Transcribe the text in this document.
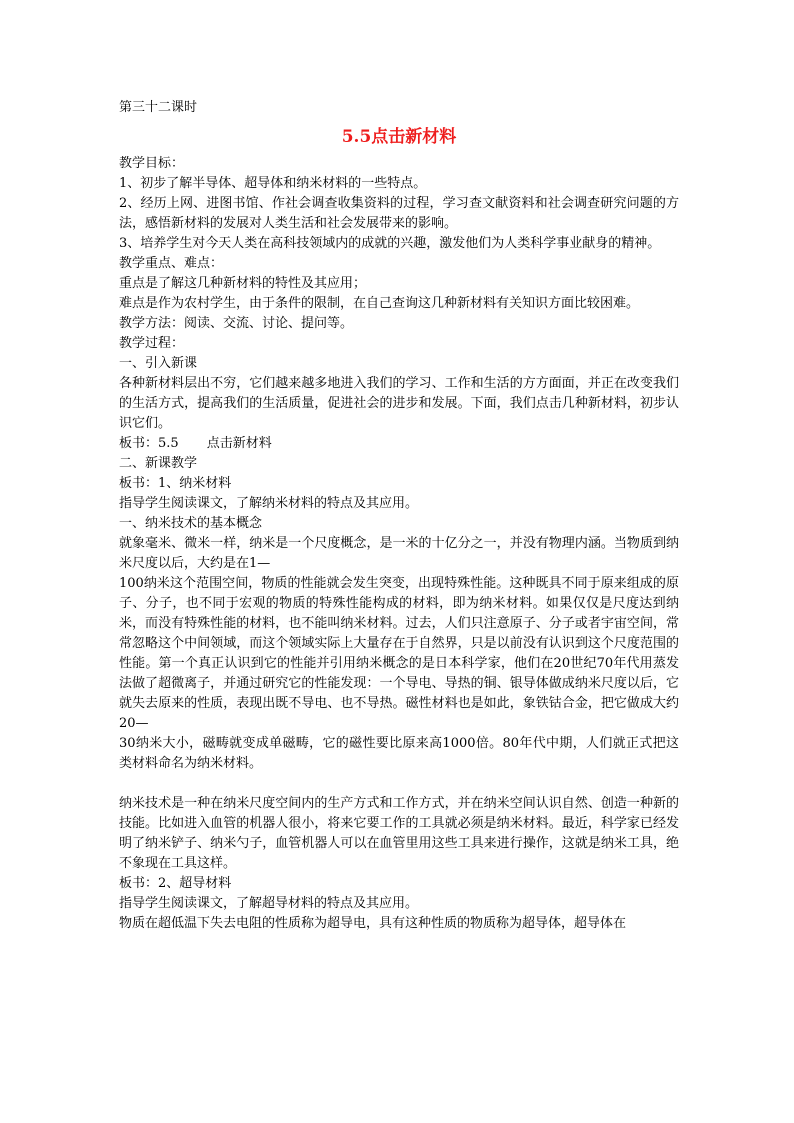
第三十二课时

5.5点击新材料

教学目标：

1、初步了解半导体、超导体和纳米材料的一些特点。

2、经历上网、进图书馆、作社会调查收集资料的过程，学习查文献资料和社会调查研究问题的方法，感悟新材料的发展对人类生活和社会发展带来的影响。

3、培养学生对今天人类在高科技领域内的成就的兴趣，激发他们为人类科学事业献身的精神。

教学重点、难点：

重点是了解这几种新材料的特性及其应用；

难点是作为农村学生，由于条件的限制，在自己查询这几种新材料有关知识方面比较困难。

教学方法：阅读、交流、讨论、提问等。

教学过程：

一、引入新课

各种新材料层出不穷，它们越来越多地进入我们的学习、工作和生活的方方面面，并正在改变我们的生活方式，提高我们的生活质量，促进社会的进步和发展。下面，我们点击几种新材料，初步认识它们。

板书：5.5 点击新材料

二、新课教学

板书：1、纳米材料

指导学生阅读课文，了解纳米材料的特点及其应用。

一、纳米技术的基本概念

就象毫米、微米一样，纳米是一个尺度概念，是一米的十亿分之一，并没有物理内涵。当物质到纳米尺度以后，大约是在1—

100纳米这个范围空间，物质的性能就会发生突变，出现特殊性能。这种既具不同于原来组成的原子、分子，也不同于宏观的物质的特殊性能构成的材料，即为纳米材料。如果仅仅是尺度达到纳米，而没有特殊性能的材料，也不能叫纳米材料。过去，人们只注意原子、分子或者宇宙空间，常常忽略这个中间领域，而这个领域实际上大量存在于自然界，只是以前没有认识到这个尺度范围的性能。第一个真正认识到它的性能并引用纳米概念的是日本科学家，他们在20世纪70年代用蒸发法做了超微离子，并通过研究它的性能发现：一个导电、导热的铜、银导体做成纳米尺度以后，它就失去原来的性质，表现出既不导电、也不导热。磁性材料也是如此，象铁钴合金，把它做成大约20—

30纳米大小，磁畴就变成单磁畴，它的磁性要比原来高1000倍。80年代中期，人们就正式把这类材料命名为纳米材料。

纳米技术是一种在纳米尺度空间内的生产方式和工作方式，并在纳米空间认识自然、创造一种新的技能。比如进入血管的机器人很小，将来它要工作的工具就必须是纳米材料。最近，科学家已经发明了纳米铲子、纳米勺子，血管机器人可以在血管里用这些工具来进行操作，这就是纳米工具，绝不象现在工具这样。

板书：2、超导材料

指导学生阅读课文，了解超导材料的特点及其应用。

物质在超低温下失去电阻的性质称为超导电，具有这种性质的物质称为超导体，超导体在
